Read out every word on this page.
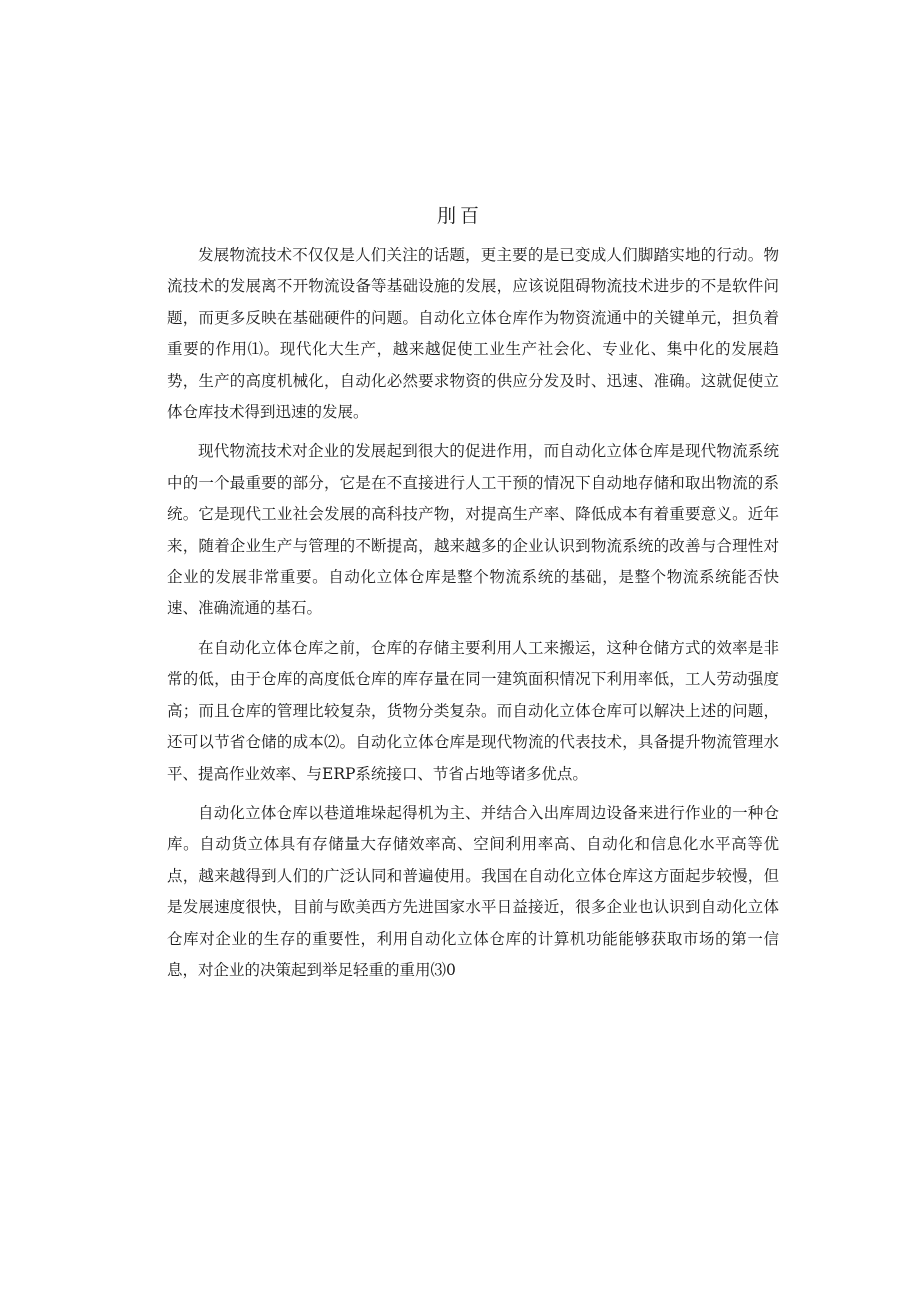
刖百

发展物流技术不仅仅是人们关注的话题，更主要的是已变成人们脚踏实地的行动。物流技术的发展离不开物流设备等基础设施的发展，应该说阻碍物流技术进步的不是软件问题，而更多反映在基础硬件的问题。自动化立体仓库作为物资流通中的关键单元，担负着重要的作用⑴。现代化大生产，越来越促使工业生产社会化、专业化、集中化的发展趋势，生产的高度机械化，自动化必然要求物资的供应分发及时、迅速、准确。这就促使立体仓库技术得到迅速的发展。

现代物流技术对企业的发展起到很大的促进作用，而自动化立体仓库是现代物流系统中的一个最重要的部分，它是在不直接进行人工干预的情况下自动地存储和取出物流的系统。它是现代工业社会发展的高科技产物，对提高生产率、降低成本有着重要意义。近年来，随着企业生产与管理的不断提高，越来越多的企业认识到物流系统的改善与合理性对企业的发展非常重要。自动化立体仓库是整个物流系统的基础，是整个物流系统能否快速、准确流通的基石。

在自动化立体仓库之前，仓库的存储主要利用人工来搬运，这种仓储方式的效率是非常的低，由于仓库的高度低仓库的库存量在同一建筑面积情况下利用率低，工人劳动强度高；而且仓库的管理比较复杂，货物分类复杂。而自动化立体仓库可以解决上述的问题，还可以节省仓储的成本⑵。自动化立体仓库是现代物流的代表技术，具备提升物流管理水平、提高作业效率、与ERP系统接口、节省占地等诸多优点。

自动化立体仓库以巷道堆垛起得机为主、并结合入出库周边设备来进行作业的一种仓库。自动货立体具有存储量大存储效率高、空间利用率高、自动化和信息化水平高等优点，越来越得到人们的广泛认同和普遍使用。我国在自动化立体仓库这方面起步较慢，但是发展速度很快，目前与欧美西方先进国家水平日益接近，很多企业也认识到自动化立体仓库对企业的生存的重要性，利用自动化立体仓库的计算机功能能够获取市场的第一信息，对企业的决策起到举足轻重的重用⑶0
